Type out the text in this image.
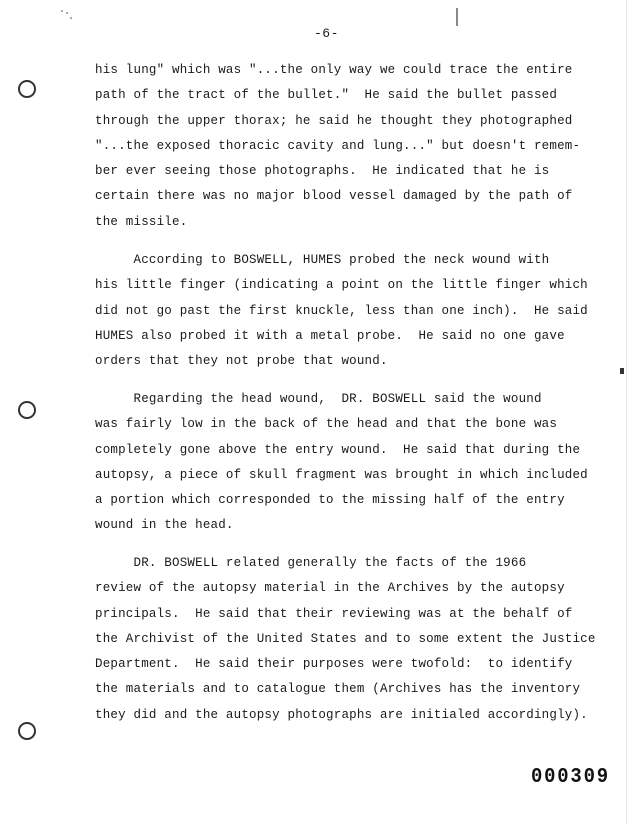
-6-
his lung" which was "...the only way we could trace the entire
path of the tract of the bullet."  He said the bullet passed
through the upper thorax; he said he thought they photographed
"...the exposed thoracic cavity and lung..." but doesn't remem-
ber ever seeing those photographs.  He indicated that he is
certain there was no major blood vessel damaged by the path of
the missile.
According to BOSWELL, HUMES probed the neck wound with
his little finger (indicating a point on the little finger which
did not go past the first knuckle, less than one inch).  He said
HUMES also probed it with a metal probe.  He said no one gave
orders that they not probe that wound.
Regarding the head wound,  DR. BOSWELL said the wound
was fairly low in the back of the head and that the bone was
completely gone above the entry wound.  He said that during the
autopsy, a piece of skull fragment was brought in which included
a portion which corresponded to the missing half of the entry
wound in the head.
DR. BOSWELL related generally the facts of the 1966
review of the autopsy material in the Archives by the autopsy
principals.  He said that their reviewing was at the behalf of
the Archivist of the United States and to some extent the Justice
Department.  He said their purposes were twofold:  to identify
the materials and to catalogue them (Archives has the inventory
they did and the autopsy photographs are initialed accordingly).
000309
